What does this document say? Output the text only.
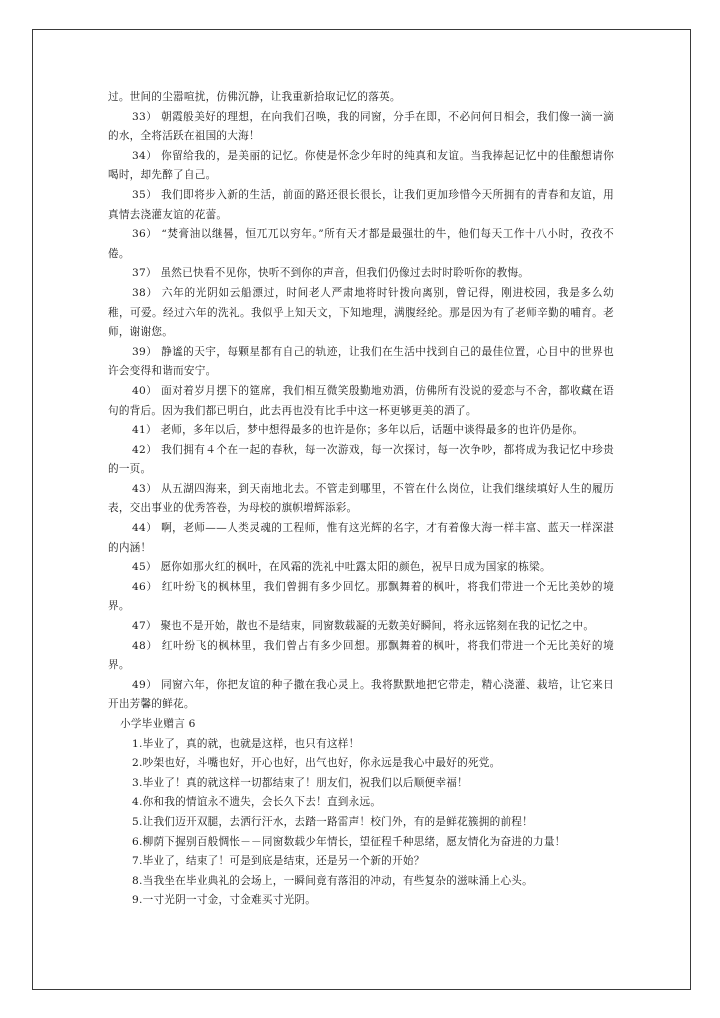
过。世间的尘嚣喧扰，仿佛沉静，让我重新拾取记忆的落英。

33） 朝霞般美好的理想，在向我们召唤，我的同窗，分手在即，不必问何日相会，我们像一滴一滴的水，全将活跃在祖国的大海！

34） 你留给我的，是美丽的记忆。你使是怀念少年时的纯真和友谊。当我捧起记忆中的佳酿想请你喝时，却先醉了自己。

35） 我们即将步入新的生活，前面的路还很长很长，让我们更加珍惜今天所拥有的青春和友谊，用真情去浇灌友谊的花蕾。

36） “焚膏油以继晷，恒兀兀以穷年。”所有天才都是最强壮的牛，他们每天工作十八小时，孜孜不倦。

37） 虽然已快看不见你，快听不到你的声音，但我们仍像过去时时聆听你的教悔。

38） 六年的光阴如云船漂过，时间老人严肃地将时针拨向离别，曾记得，刚进校园，我是多么幼稚，可爱。经过六年的洗礼。我似乎上知天文，下知地理，满腹经纶。那是因为有了老师辛勤的哺育。老师，谢谢您。

39） 静谧的天宇，每颗星都有自己的轨迹，让我们在生活中找到自己的最佳位置，心目中的世界也许会变得和谐而安宁。

40） 面对着岁月摆下的筵席，我们相互微笑殷勤地劝酒，仿佛所有没说的爱恋与不舍，都收藏在语句的背后。因为我们都已明白，此去再也没有比手中这一杯更够更美的酒了。

41） 老师，多年以后，梦中想得最多的也许是你；多年以后，话题中谈得最多的也许仍是你。

42） 我们拥有４个在一起的春秋，每一次游戏，每一次探讨，每一次争吵，都将成为我记忆中珍贵的一页。

43） 从五湖四海来，到天南地北去。不管走到哪里，不管在什么岗位，让我们继续填好人生的履历表，交出事业的优秀答卷，为母校的旗帜增辉添彩。

44） 啊，老师——人类灵魂的工程师，惟有这光辉的名字，才有着像大海一样丰富、蓝天一样深湛的内涵！

45） 愿你如那火红的枫叶，在风霜的洗礼中吐露太阳的颜色，祝早日成为国家的栋梁。

46） 红叶纷飞的枫林里，我们曾拥有多少回忆。那飘舞着的枫叶，将我们带进一个无比美妙的境界。

47） 聚也不是开始，散也不是结束，同窗数载凝的无数美好瞬间，将永远铭刻在我的记忆之中。

48） 红叶纷飞的枫林里，我们曾占有多少回想。那飘舞着的枫叶，将我们带进一个无比美好的境界。

49） 同窗六年，你把友谊的种子撒在我心灵上。我将默默地把它带走，精心浇灌、栽培，让它来日开出芳馨的鲜花。

小学毕业赠言 6

1.毕业了，真的就，也就是这样，也只有这样！

2.吵架也好，斗嘴也好，开心也好，出气也好，你永远是我心中最好的死党。

3.毕业了！真的就这样一切都结束了！朋友们，祝我们以后顺便幸福！

4.你和我的情谊永不遗失，会长久下去！直到永远。

5.让我们迈开双腿，去洒行汗水，去踏一路雷声！校门外，有的是鲜花簇拥的前程！

6.柳荫下握别百般惆怅－－同窗数载少年情长，望征程千种思绪，愿友情化为奋进的力量！

7.毕业了，结束了！可是到底是结束，还是另一个新的开始？

8.当我坐在毕业典礼的会场上，一瞬间竟有落泪的冲动，有些复杂的滋味涌上心头。

9.一寸光阴一寸金，寸金难买寸光阴。
